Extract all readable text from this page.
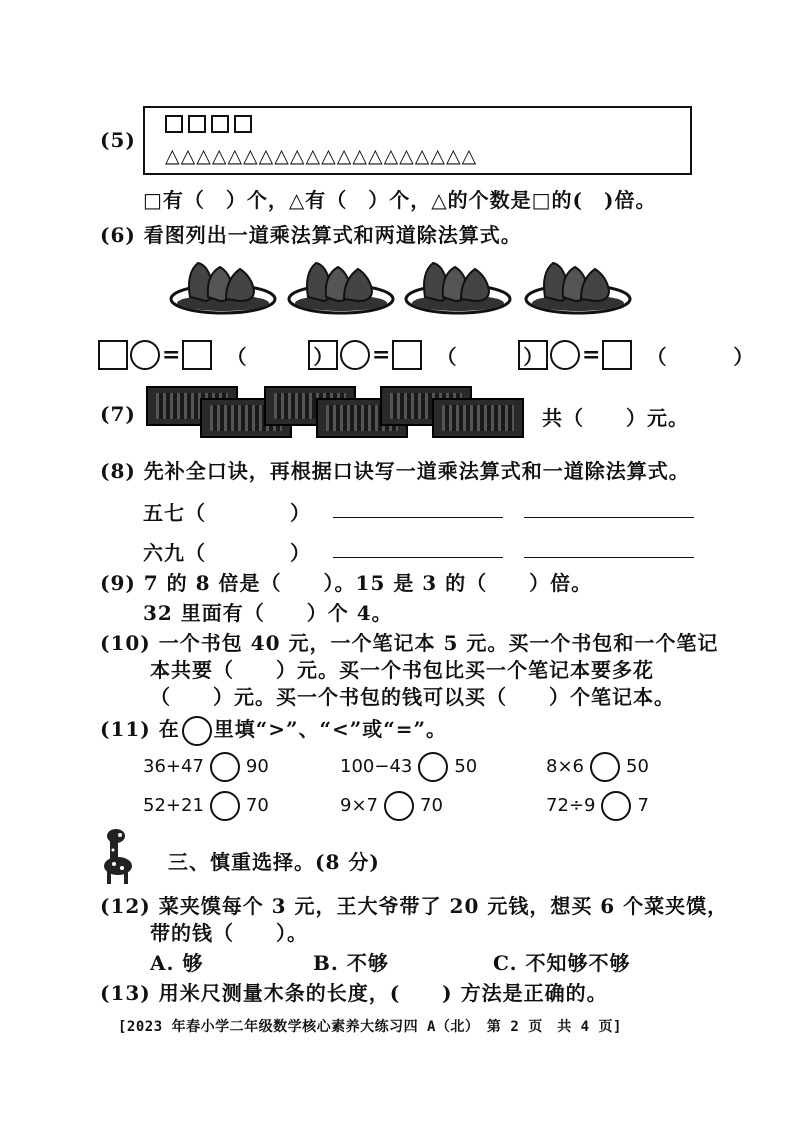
(5)
△△△△△△△△△△△△△△△△△△△△
□有（　）个，△有（　）个，△的个数是□的(　)倍。
(6) 看图列出一道乘法算式和两道除法算式。
= （ ） = （ ） = （ ）
(7)	共（　　）元。
(8) 先补全口诀，再根据口诀写一道乘法算式和一道除法算式。
五七（　　　　）
六九（　　　　）
(9) 7 的 8 倍是（　　）。15 是 3 的（　　）倍。
32 里面有（　　）个 4。
(10) 一个书包 40 元，一个笔记本 5 元。买一个书包和一个笔记
本共要（　　）元。买一个书包比买一个笔记本要多花
（　　）元。买一个书包的钱可以买（　　）个笔记本。
(11) 在 里填“>”、“<”或“=”。
36+47 90	100−43 50	8×6 50
52+21 70	9×7 70	72÷9 7
三、慎重选择。(8 分)
(12) 菜夹馍每个 3 元，王大爷带了 20 元钱，想买 6 个菜夹馍，
带的钱（　　）。
A. 够	B. 不够	C. 不知够不够
(13) 用米尺测量木条的长度，(　　) 方法是正确的。
[2023 年春小学二年级数学核心素养大练习四 A（北）　第 2 页　共 4 页]
